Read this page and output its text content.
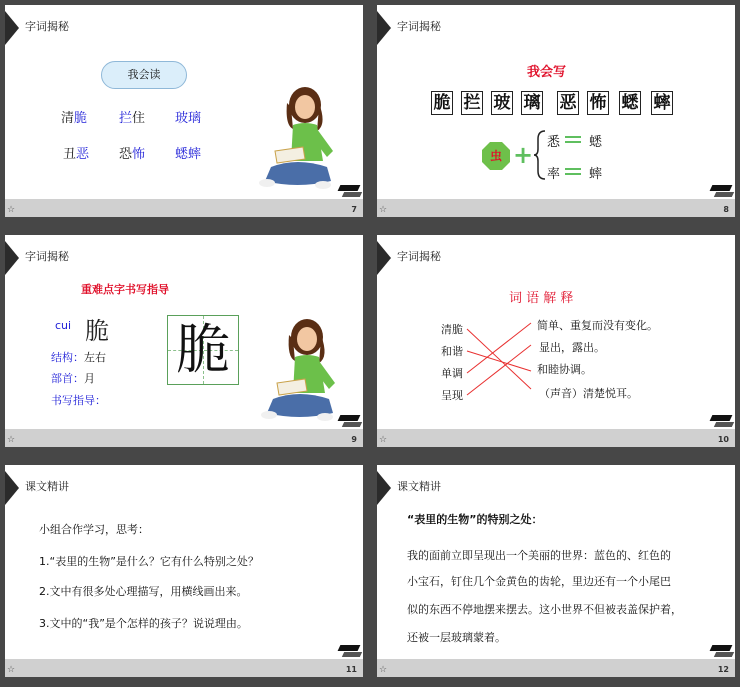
字词揭秘
我会读
清脆 拦住 玻璃
丑恶 恐怖 蟋蟀
☆	7
字词揭秘
我会写
脆 拦 玻 璃 恶 怖 蟋 蟀
虫 + 悉
率
蟋
蟀
☆	8
字词揭秘
重难点字书写指导
cui 脆
结构：左右
部首：月
书写指导：
脆
☆	9
字词揭秘
词 语 解 释
清脆
和谐
单调
呈现
简单、重复而没有变化。
显出，露出。
和睦协调。
（声音）清楚悦耳。
☆	10
课文精讲
小组合作学习，思考：
1.“表里的生物”是什么？它有什么特别之处？
2.文中有很多处心理描写，用横线画出来。
3.文中的“我”是个怎样的孩子？说说理由。
☆	11
课文精讲
“表里的生物”的特别之处：
我的面前立即呈现出一个美丽的世界：蓝色的、红色的
小宝石，钉住几个金黄色的齿轮，里边还有一个小尾巴
似的东西不停地摆来摆去。这小世界不但被表盖保护着，
还被一层玻璃蒙着。
☆	12
